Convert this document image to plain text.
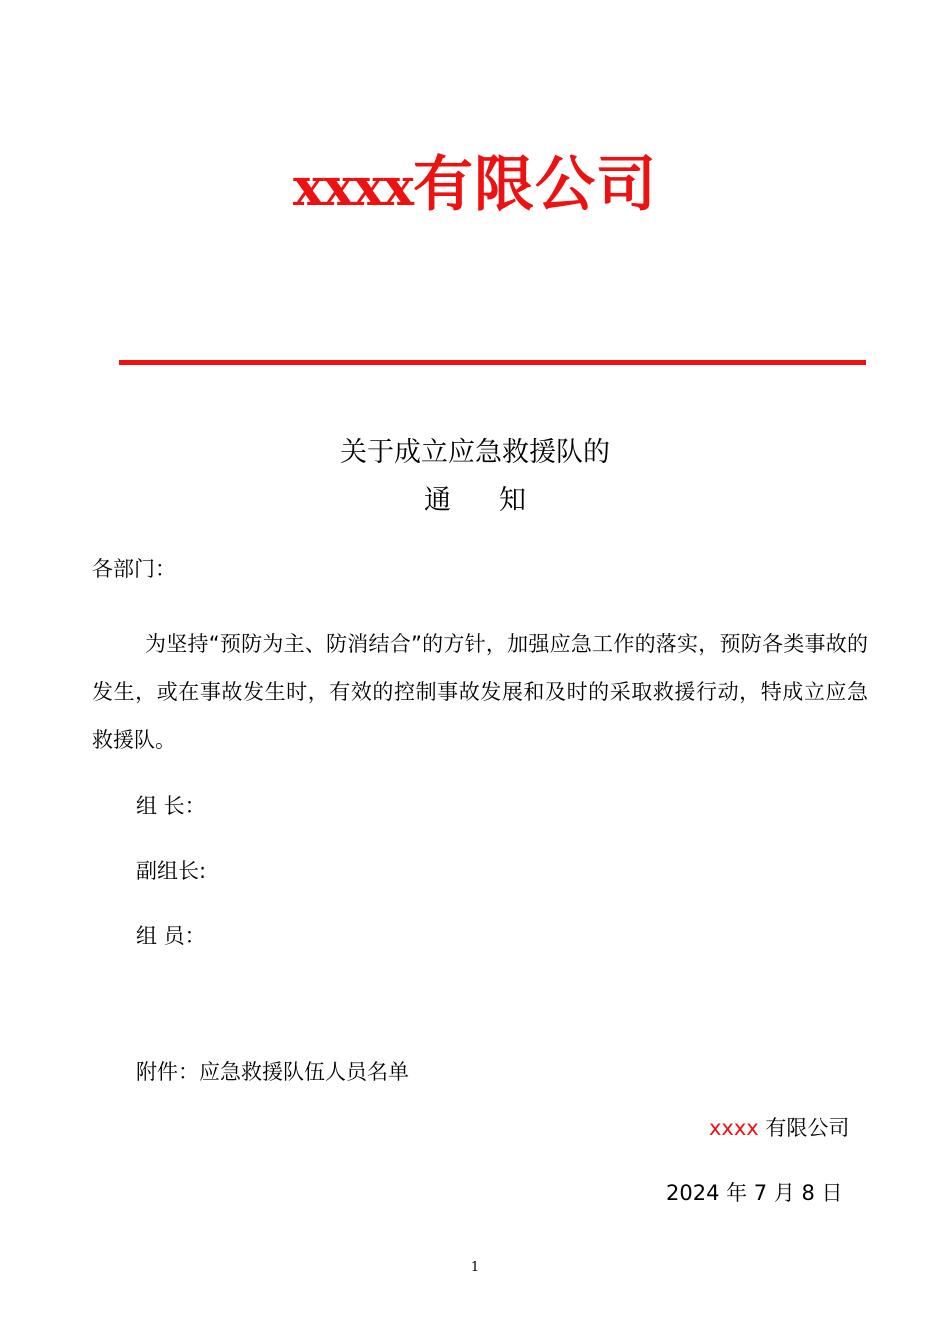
xxxx有限公司
关于成立应急救援队的
通知
各部门：
为坚持“预防为主、防消结合”的方针，加强应急工作的落实，预防各类事故的发生，或在事故发生时，有效的控制事故发展和及时的采取救援行动，特成立应急救援队。
组 长：
副组长:
组 员：
附件：应急救援队伍人员名单
xxxx 有限公司
2024 年 7 月 8 日
1
